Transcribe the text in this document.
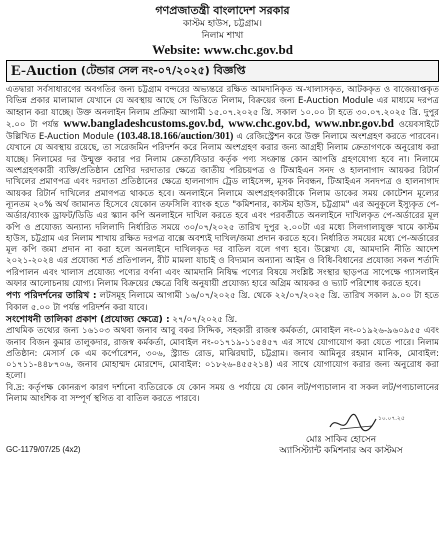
গণপ্রজাতন্ত্রী বাংলাদেশ সরকার
কাস্টম হাউস, চট্টগ্রাম।
নিলাম শাখা
Website: www.chc.gov.bd
E-Auction (টেন্ডার সেল নং-০৭/২০২৫) বিজ্ঞপ্তি

এতদ্বারা সর্বসাধারণের অবগতির জন্য চট্টগ্রাম বন্দরের অভ্যন্তরে রক্ষিত আমদানিকৃত অ-খালাসকৃত, আটককৃত ও বাজেয়াপ্তকৃত বিভিন্ন প্রকার মালামাল যেখানে যে অবস্থায় আছে সে ভিত্তিতে নিলাম, বিক্রয়ের জন্য E-Auction Module এর মাধ্যমে দরপত্র আহ্বান করা যাচ্ছে। উক্ত অনলাইন নিলাম প্রক্রিয়া আগামী ১৫.০৭.২০২৫ খ্রি. সকাল ১০.০০ টা হতে ৩০.০৭.২০২৫ খ্রি. দুপুর ২.০০ টা পর্যন্ত www.bangladeshcustoms.gov.bd, www.chc.gov.bd, www.nbr.gov.bd ওয়েবসাইটে উল্লিখিত E-Auction Module (103.48.18.166/auction/301) এ রেজিস্ট্রেশন করে উক্ত নিলামে অংশগ্রহণ করতে পারবেন। যেখানে যে অবস্থায় রয়েছে, তা সরেজমিন পরিদর্শন করে নিলাম অংশগ্রহণ করার জন্য আগ্রহী নিলাম ক্রেতাগণকে অনুরোধ করা যাচ্ছে। নিলামের দর উন্মুক্ত করার পর নিলাম ক্রেতা/বিডার কর্তৃক পণ্য সংক্রান্ত কোন আপত্তি গ্রহণযোগ্য হবে না। নিলামে অংশগ্রহণকারী ব্যক্তি/প্রতিষ্ঠান শ্রেণির দরদাতার ক্ষেত্রে জাতীয় পরিচয়পত্র ও টিআইএন সনদ ও হালনাগাদ আয়কর রিটার্ন দাখিলের প্রমাণপত্র এবং দরদাতা প্রতিষ্ঠানের ক্ষেত্রে হালনাগাদ ট্রেড লাইসেন্স, মূসক নিবন্ধন, টিআইএন সনদপত্র ও হালনাগাদ আয়কর রিটার্ন দাখিলের প্রমাণপত্র থাকতে হবে। অনলাইনে নিলামে অংশগ্রহণকারীকে নিলাম ডাকের সময় কোটেশন মূল্যের ন্যূনতম ২০% অর্থ জামানত হিসেবে যেকোন তফসিলি ব্যাংক হতে "কমিশনার, কাস্টম হাউস, চট্টগ্রাম" এর অনুকূলে ইস্যুকৃত পে-অর্ডার/ব্যাংক ড্রাফট/ডিডি এর স্ক্যান কপি অনলাইনে দাখিল করতে হবে এবং পরবর্তীতে অনলাইনে দাখিলকৃত পে-অর্ডারের মূল কপি ও প্রযোজ্য অন্যান্য দলিলাদি নির্ধারিত সময়ে ৩০/০৭/২০২৫ তারিখ দুপুর ২.০০টা এর মধ্যে সিলগালাযুক্ত খামে কাস্টম হাউস, চট্টগ্রাম এর নিলাম শাখায় রক্ষিত দরপত্র বাক্সে অবশ্যই দাখিল/জমা প্রদান করতে হবে। নির্ধারিত সময়ের মধ্যে পে-অর্ডারের মূল কপি জমা প্রদান না করা হলে অনলাইনে দাখিলকৃত দর বাতিল বলে গণ্য হবে। উল্লেখ্য যে, আমদানি নীতি আদেশ ২০২১-২০২৪ এর প্রযোজ্য শর্ত প্রতিপালন, রীট মামলা যাচাই ও বিদ্যমান অন্যান্য আইন ও বিধি-বিধানের প্রযোজ্য সকল শর্তাদি পরিপালন এবং খালাস প্রযোজ্য পণ্যের বর্ণনা এবং আমদানি নিষিদ্ধ পণ্যের বিষয়ে সংশ্লিষ্ট সংস্থার ছাড়পত্র সাপেক্ষে গ্যাসলাইন অফার আলোচনায় যোগ্য। নিলাম বিক্রয়ের ক্ষেত্রে বিধি অনুযায়ী প্রযোজ্য হারে অগ্রিম আয়কর ও ভ্যাট পরিশোধ করতে হবে।

পণ্য পরিদর্শনের তারিখ : লটসমূহ নিলামে আগামী ১৬/০৭/২০২৫ খ্রি. থেকে ২২/০৭/২০২৫ খ্রি. তারিখ সকাল ৯.০০ টা হতে বিকাল ৫.০০ টা পর্যন্ত পরিদর্শন করা যাবে।

সংশোধনী তালিকা প্রকাশ (প্রযোজ্য ক্ষেত্রে) : ২৭/০৭/২০২৫ খ্রি.

প্রাথমিক তথ্যের জন্য ১৬১০৩ অথবা জনাব আবু বকর সিদ্দিক, সহকারী রাজস্ব কর্মকর্তা, মোবাইল নং-০১৯২৬-৯৬০৯৫৫ এবং জনাব বিজন কুমার তালুকদার, রাজস্ব কর্মকর্তা, মোবাইল নং-০১৭১৯-১১৫৪৫৭ এর সাথে যোগাযোগ করা যেতে পারে। নিলাম প্রতিষ্ঠান: মেসার্স কে এম কর্পোরেশন, ৩০৬, স্ট্র্যান্ড রোড, মাঝিরঘাট, চট্টগ্রাম। জনাব আমিনুর রহমান মানিক, মোবাইল: ০১৭১১-৪৪৮৭০৬, জনাব মোহাম্মদ মোরশেদ, মোবাইল: ০১৮২৬-৪৫৫২১৪) এর সাথে যোগাযোগ করার জন্য অনুরোধ করা হলো।

বি.দ্র: কর্তৃপক্ষ কোনরূপ কারণ দর্শানো ব্যতিরেকে যে কোন সময় ও পর্যায়ে যে কোন লট/পণ্যচালান বা সকল লট/পণ্যচালানের নিলাম আংশিক বা সম্পূর্ণ স্থগিত বা বাতিল করতে পারবে।

১০.০৭.২৫
মোঃ সাকিব হোসেন
অ্যাসিস্ট্যান্ট কমিশনার অব কাস্টমস
GC-1179/07/25 (4x2)
